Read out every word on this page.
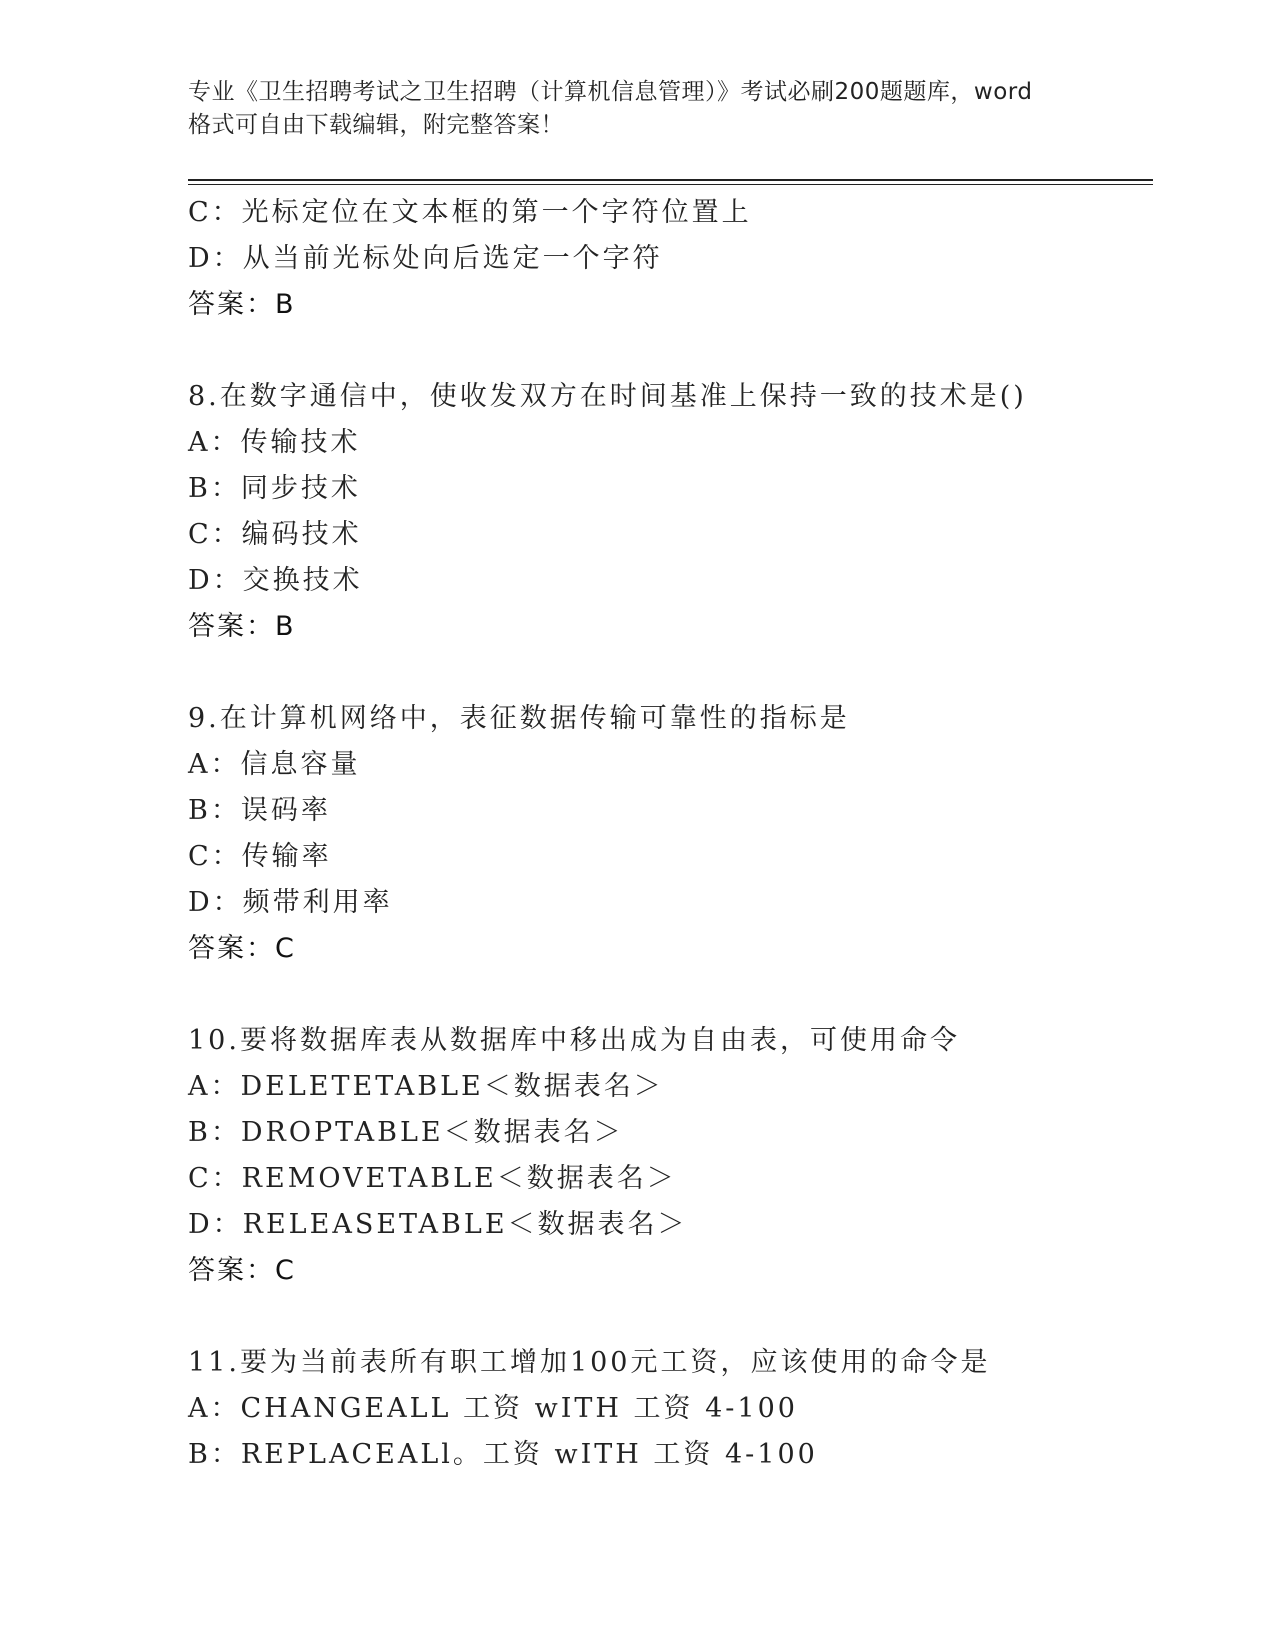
专业《卫生招聘考试之卫生招聘（计算机信息管理）》考试必刷200题题库，word
格式可自由下载编辑，附完整答案！
C：光标定位在文本框的第一个字符位置上
D：从当前光标处向后选定一个字符
答案：B
8.在数字通信中，使收发双方在时间基准上保持一致的技术是()
A：传输技术
B：同步技术
C：编码技术
D：交换技术
答案：B
9.在计算机网络中，表征数据传输可靠性的指标是
A：信息容量
B：误码率
C：传输率
D：频带利用率
答案：C
10.要将数据库表从数据库中移出成为自由表，可使用命令
A：DELETETABLE＜数据表名＞
B：DROPTABLE＜数据表名＞
C：REMOVETABLE＜数据表名＞
D：RELEASETABLE＜数据表名＞
答案：C
11.要为当前表所有职工增加100元工资，应该使用的命令是
A：CHANGEALL 工资 wITH 工资 4-100
B：REPLACEALl。工资 wITH 工资 4-100
